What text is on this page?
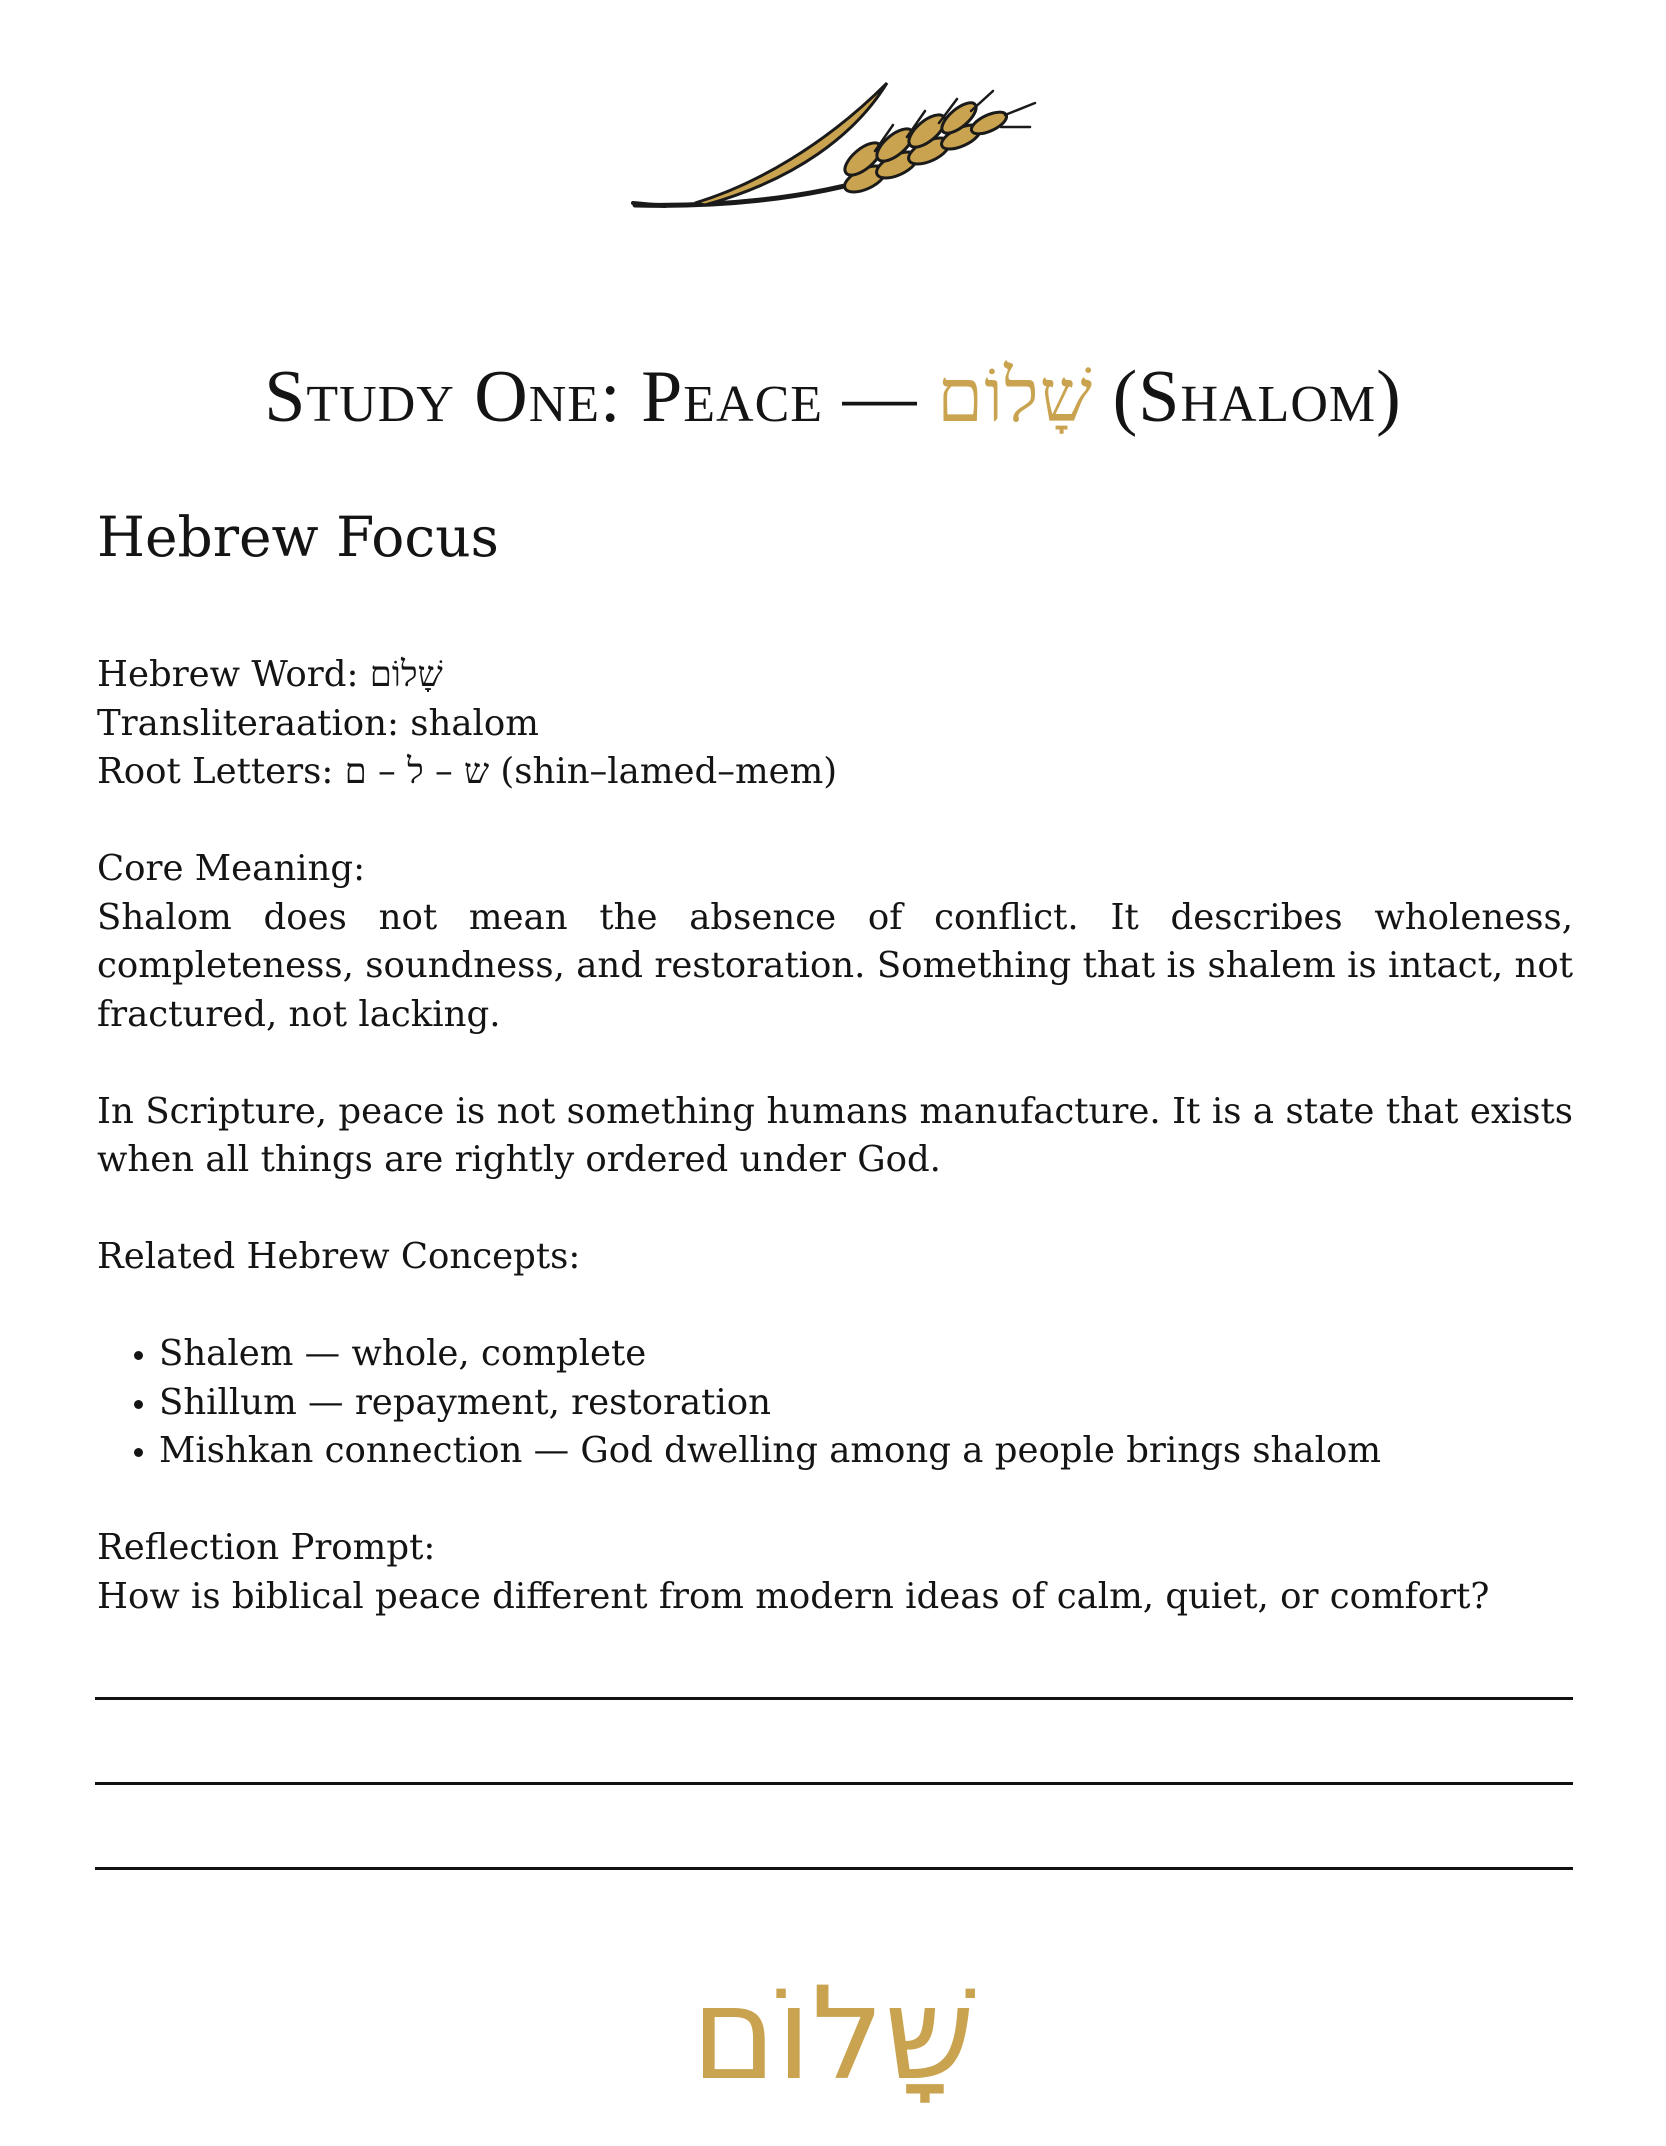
Study One: Peace — שָׁלוֹם (Shalom)
Hebrew Focus

Hebrew Word: שָׁלוֹם
Transliteraation: shalom
Root Letters: ש – ל – ם (shin–lamed–mem)

Core Meaning:
Shalom does not mean the absence of conflict. It describes wholeness, completeness, soundness, and restoration. Something that is shalem is intact, not fractured, not lacking.

In Scripture, peace is not something humans manufacture. It is a state that exists when all things are rightly ordered under God.

Related Hebrew Concepts:

• Shalem — whole, complete
• Shillum — repayment, restoration
• Mishkan connection — God dwelling among a people brings shalom

Reflection Prompt:
How is biblical peace different from modern ideas of calm, quiet, or comfort?

שָׁלוֹם
